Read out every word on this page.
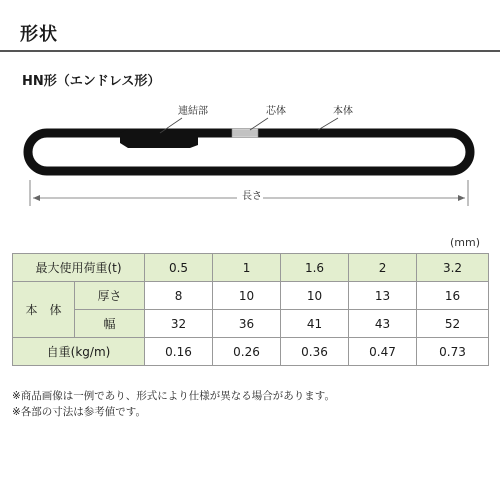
形状
HN形（エンドレス形）
連結部	芯体	本体
長さ
(mm)
最大使用荷重(t)		0.5	1	1.6	2	3.2
本　体	厚さ	8	10	10	13	16
	幅	32	36	41	43	52
自重(kg/m)		0.16	0.26	0.36	0.47	0.73
※商品画像は一例であり、形式により仕様が異なる場合があります。
※各部の寸法は参考値です。
